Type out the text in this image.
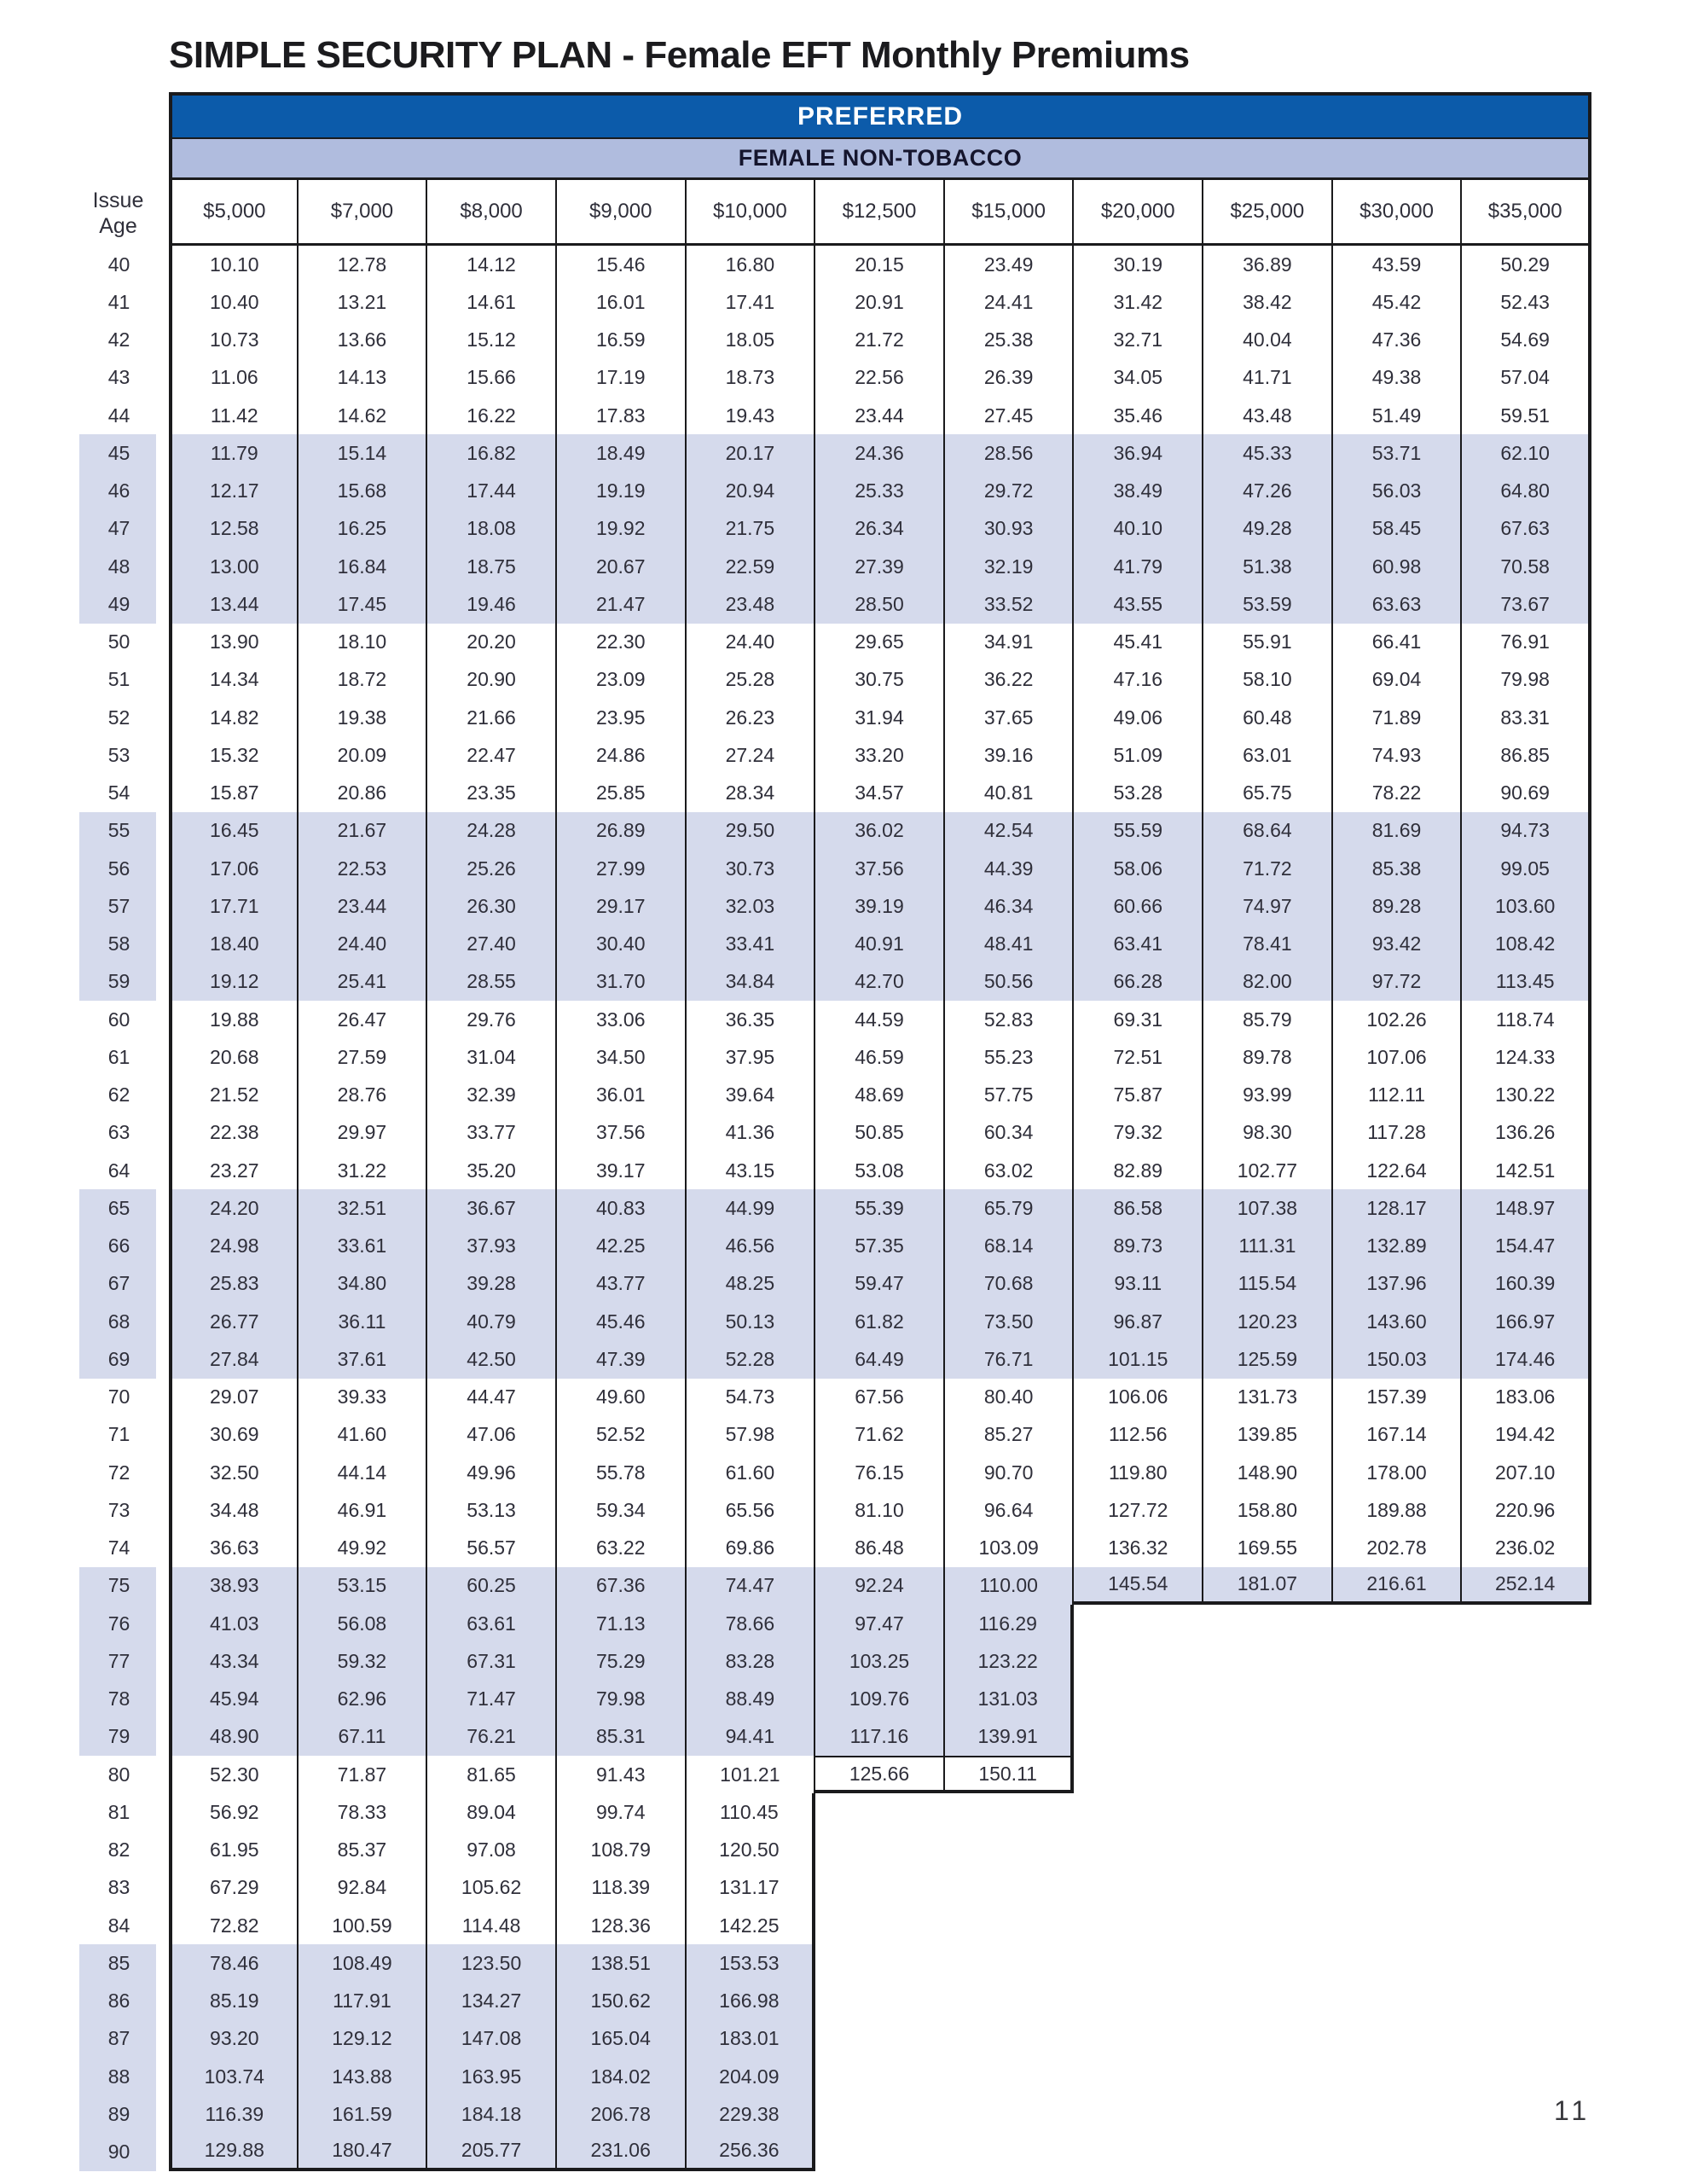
SIMPLE SECURITY PLAN - Female EFT Monthly Premiums
PREFERRED
FEMALE NON-TOBACCO
Issue
Age
$5,000	$7,000	$8,000	$9,000	$10,000	$12,500	$15,000	$20,000	$25,000	$30,000	$35,000
40	10.10	12.78	14.12	15.46	16.80	20.15	23.49	30.19	36.89	43.59	50.29
41	10.40	13.21	14.61	16.01	17.41	20.91	24.41	31.42	38.42	45.42	52.43
42	10.73	13.66	15.12	16.59	18.05	21.72	25.38	32.71	40.04	47.36	54.69
43	11.06	14.13	15.66	17.19	18.73	22.56	26.39	34.05	41.71	49.38	57.04
44	11.42	14.62	16.22	17.83	19.43	23.44	27.45	35.46	43.48	51.49	59.51
45	11.79	15.14	16.82	18.49	20.17	24.36	28.56	36.94	45.33	53.71	62.10
46	12.17	15.68	17.44	19.19	20.94	25.33	29.72	38.49	47.26	56.03	64.80
47	12.58	16.25	18.08	19.92	21.75	26.34	30.93	40.10	49.28	58.45	67.63
48	13.00	16.84	18.75	20.67	22.59	27.39	32.19	41.79	51.38	60.98	70.58
49	13.44	17.45	19.46	21.47	23.48	28.50	33.52	43.55	53.59	63.63	73.67
50	13.90	18.10	20.20	22.30	24.40	29.65	34.91	45.41	55.91	66.41	76.91
51	14.34	18.72	20.90	23.09	25.28	30.75	36.22	47.16	58.10	69.04	79.98
52	14.82	19.38	21.66	23.95	26.23	31.94	37.65	49.06	60.48	71.89	83.31
53	15.32	20.09	22.47	24.86	27.24	33.20	39.16	51.09	63.01	74.93	86.85
54	15.87	20.86	23.35	25.85	28.34	34.57	40.81	53.28	65.75	78.22	90.69
55	16.45	21.67	24.28	26.89	29.50	36.02	42.54	55.59	68.64	81.69	94.73
56	17.06	22.53	25.26	27.99	30.73	37.56	44.39	58.06	71.72	85.38	99.05
57	17.71	23.44	26.30	29.17	32.03	39.19	46.34	60.66	74.97	89.28	103.60
58	18.40	24.40	27.40	30.40	33.41	40.91	48.41	63.41	78.41	93.42	108.42
59	19.12	25.41	28.55	31.70	34.84	42.70	50.56	66.28	82.00	97.72	113.45
60	19.88	26.47	29.76	33.06	36.35	44.59	52.83	69.31	85.79	102.26	118.74
61	20.68	27.59	31.04	34.50	37.95	46.59	55.23	72.51	89.78	107.06	124.33
62	21.52	28.76	32.39	36.01	39.64	48.69	57.75	75.87	93.99	112.11	130.22
63	22.38	29.97	33.77	37.56	41.36	50.85	60.34	79.32	98.30	117.28	136.26
64	23.27	31.22	35.20	39.17	43.15	53.08	63.02	82.89	102.77	122.64	142.51
65	24.20	32.51	36.67	40.83	44.99	55.39	65.79	86.58	107.38	128.17	148.97
66	24.98	33.61	37.93	42.25	46.56	57.35	68.14	89.73	111.31	132.89	154.47
67	25.83	34.80	39.28	43.77	48.25	59.47	70.68	93.11	115.54	137.96	160.39
68	26.77	36.11	40.79	45.46	50.13	61.82	73.50	96.87	120.23	143.60	166.97
69	27.84	37.61	42.50	47.39	52.28	64.49	76.71	101.15	125.59	150.03	174.46
70	29.07	39.33	44.47	49.60	54.73	67.56	80.40	106.06	131.73	157.39	183.06
71	30.69	41.60	47.06	52.52	57.98	71.62	85.27	112.56	139.85	167.14	194.42
72	32.50	44.14	49.96	55.78	61.60	76.15	90.70	119.80	148.90	178.00	207.10
73	34.48	46.91	53.13	59.34	65.56	81.10	96.64	127.72	158.80	189.88	220.96
74	36.63	49.92	56.57	63.22	69.86	86.48	103.09	136.32	169.55	202.78	236.02
75	38.93	53.15	60.25	67.36	74.47	92.24	110.00	145.54	181.07	216.61	252.14
76	41.03	56.08	63.61	71.13	78.66	97.47	116.29
77	43.34	59.32	67.31	75.29	83.28	103.25	123.22
78	45.94	62.96	71.47	79.98	88.49	109.76	131.03
79	48.90	67.11	76.21	85.31	94.41	117.16	139.91
80	52.30	71.87	81.65	91.43	101.21	125.66	150.11
81	56.92	78.33	89.04	99.74	110.45
82	61.95	85.37	97.08	108.79	120.50
83	67.29	92.84	105.62	118.39	131.17
84	72.82	100.59	114.48	128.36	142.25
85	78.46	108.49	123.50	138.51	153.53
86	85.19	117.91	134.27	150.62	166.98
87	93.20	129.12	147.08	165.04	183.01
88	103.74	143.88	163.95	184.02	204.09
89	116.39	161.59	184.18	206.78	229.38
90	129.88	180.47	205.77	231.06	256.36
11
